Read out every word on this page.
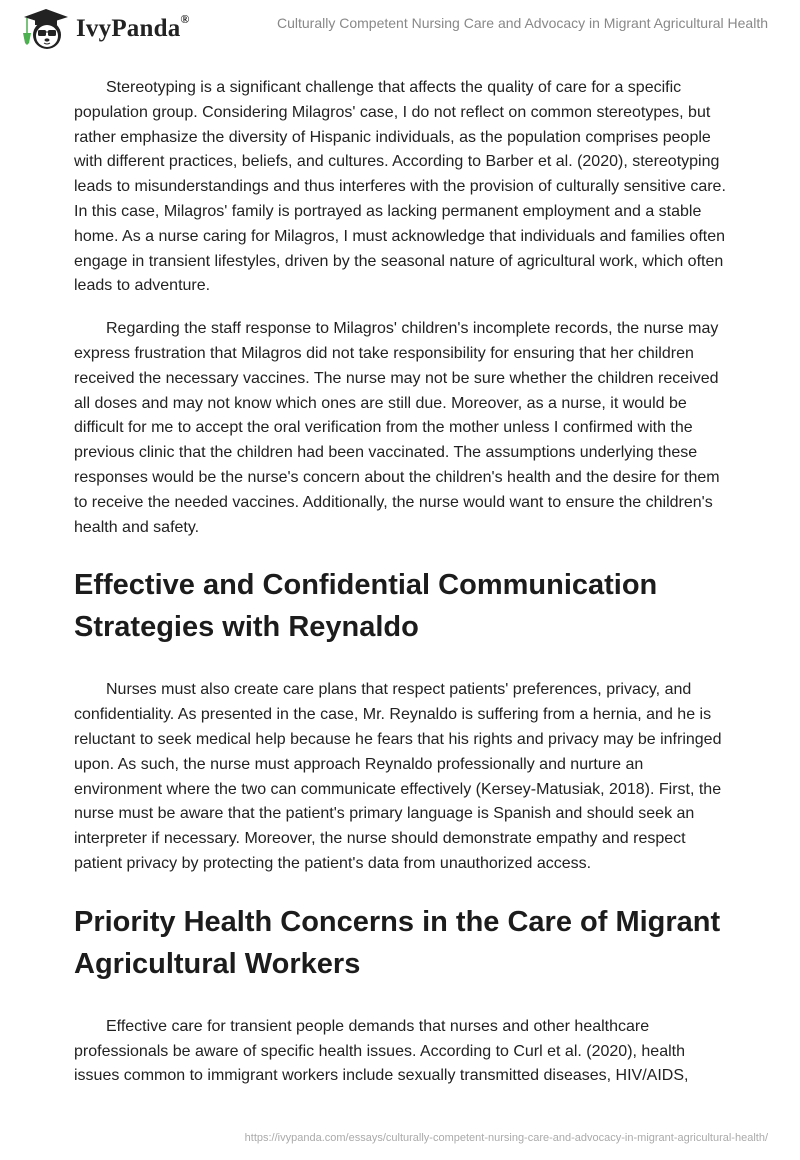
IvyPanda®	Culturally Competent Nursing Care and Advocacy in Migrant Agricultural Health

Stereotyping is a significant challenge that affects the quality of care for a specific population group. Considering Milagros' case, I do not reflect on common stereotypes, but rather emphasize the diversity of Hispanic individuals, as the population comprises people with different practices, beliefs, and cultures. According to Barber et al. (2020), stereotyping leads to misunderstandings and thus interferes with the provision of culturally sensitive care. In this case, Milagros' family is portrayed as lacking permanent employment and a stable home. As a nurse caring for Milagros, I must acknowledge that individuals and families often engage in transient lifestyles, driven by the seasonal nature of agricultural work, which often leads to adventure.

Regarding the staff response to Milagros' children's incomplete records, the nurse may express frustration that Milagros did not take responsibility for ensuring that her children received the necessary vaccines. The nurse may not be sure whether the children received all doses and may not know which ones are still due. Moreover, as a nurse, it would be difficult for me to accept the oral verification from the mother unless I confirmed with the previous clinic that the children had been vaccinated. The assumptions underlying these responses would be the nurse's concern about the children's health and the desire for them to receive the needed vaccines. Additionally, the nurse would want to ensure the children's health and safety.

Effective and Confidential Communication Strategies with Reynaldo

Nurses must also create care plans that respect patients' preferences, privacy, and confidentiality. As presented in the case, Mr. Reynaldo is suffering from a hernia, and he is reluctant to seek medical help because he fears that his rights and privacy may be infringed upon. As such, the nurse must approach Reynaldo professionally and nurture an environment where the two can communicate effectively (Kersey-Matusiak, 2018). First, the nurse must be aware that the patient's primary language is Spanish and should seek an interpreter if necessary. Moreover, the nurse should demonstrate empathy and respect patient privacy by protecting the patient's data from unauthorized access.

Priority Health Concerns in the Care of Migrant Agricultural Workers

Effective care for transient people demands that nurses and other healthcare professionals be aware of specific health issues. According to Curl et al. (2020), health issues common to immigrant workers include sexually transmitted diseases, HIV/AIDS,

https://ivypanda.com/essays/culturally-competent-nursing-care-and-advocacy-in-migrant-agricultural-health/
